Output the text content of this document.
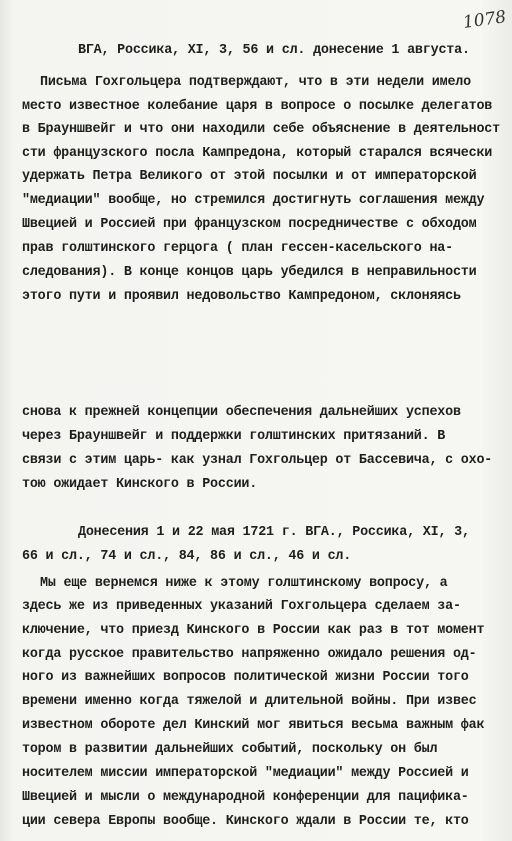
1078
ВГА, Россика, XI, 3, 56 и сл. донесение 1 августа.
Письма Гохгольцера подтверждают, что в эти недели имело
место известное колебание царя в вопросе о посылке делегатов
в Брауншвейг и что они находили себе объяснение в деятельност
сти французского посла Кампредона, который старался всячески
удержать Петра Великого от этой посылки и от императорской
"медиации" вообще, но стремился достигнуть соглашения между
Швецией и Россией при французском посредничестве с обходом
прав голштинского герцога ( план гессен-касельского на-
следования). В конце концов царь убедился в неправильности
этого пути и проявил недовольство Кампредоном, склоняясь
снова к прежней концепции обеспечения дальнейших успехов
через Брауншвейг и поддержки голштинских притязаний. В
связи с этим царь- как узнал Гохгольцер от Бассевича, с охо-
тою ожидает Кинского в России.
Донесения 1 и 22 мая 1721 г. ВГА., Россика, XI, 3,
66 и сл., 74 и сл., 84, 86 и сл., 46 и сл.
Мы еще вернемся ниже к этому голштинскому вопросу, а
здесь же из приведенных указаний Гохгольцера сделаем за-
ключение, что приезд Кинского в России как раз в тот момент
когда русское правительство напряженно ожидало решения од-
ного из важнейших вопросов политической жизни России того
времени именно когда тяжелой и длительной войны. При извес
известном обороте дел Кинский мог явиться весьма важным фак
тором в развитии дальнейших событий, поскольку он был
носителем миссии императорской "медиации" между Россией и
Швецией и мысли о международной конференции для пацифика-
ции севера Европы вообще. Кинского ждали в России те, кто
